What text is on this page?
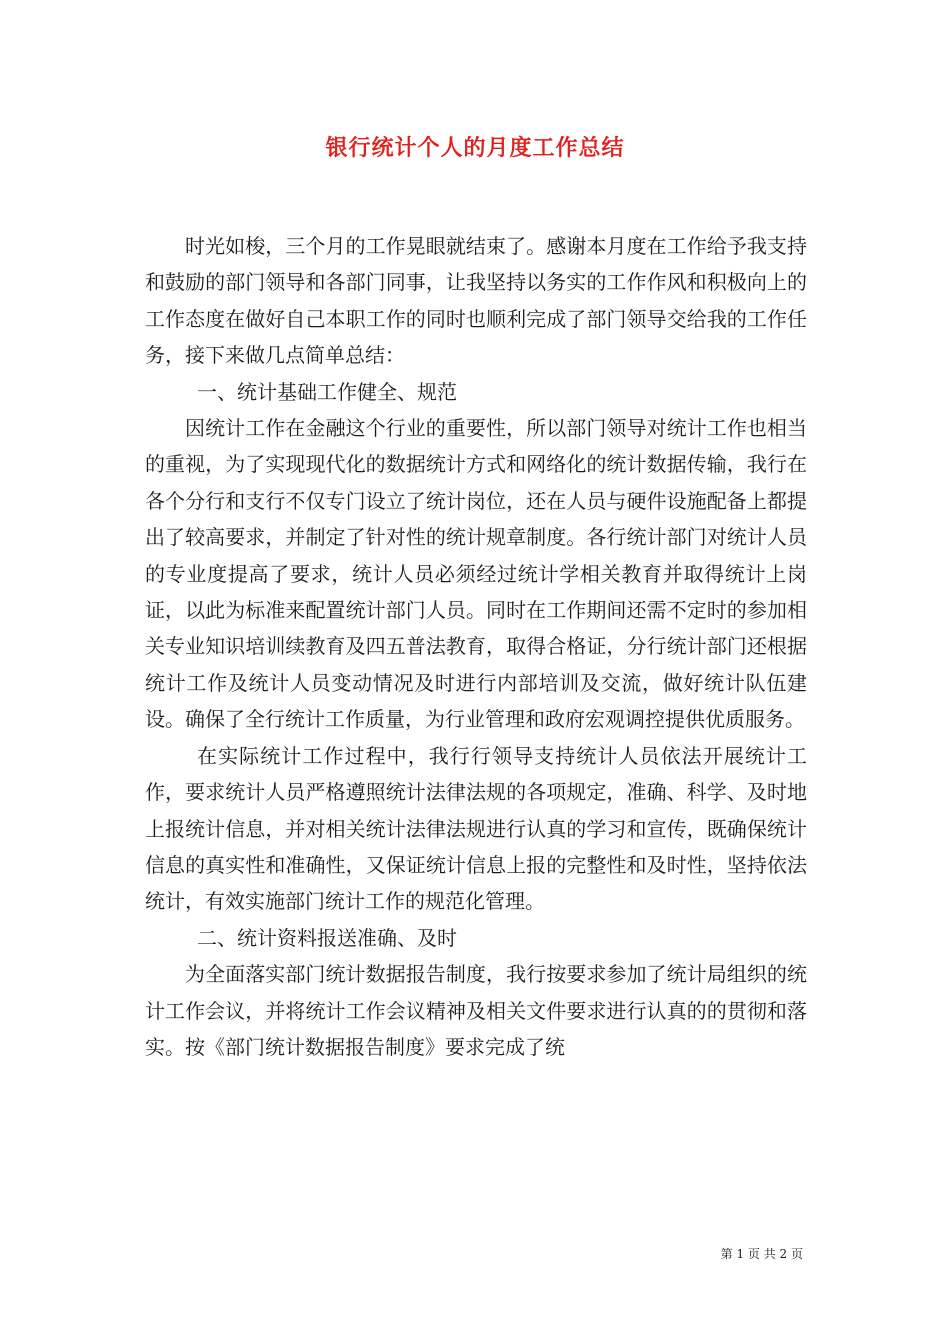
银行统计个人的月度工作总结

时光如梭，三个月的工作晃眼就结束了。感谢本月度在工作给予我支持和鼓励的部门领导和各部门同事，让我坚持以务实的工作作风和积极向上的工作态度在做好自己本职工作的同时也顺利完成了部门领导交给我的工作任务，接下来做几点简单总结：

一、统计基础工作健全、规范

因统计工作在金融这个行业的重要性，所以部门领导对统计工作也相当的重视，为了实现现代化的数据统计方式和网络化的统计数据传输，我行在各个分行和支行不仅专门设立了统计岗位，还在人员与硬件设施配备上都提出了较高要求，并制定了针对性的统计规章制度。各行统计部门对统计人员的专业度提高了要求，统计人员必须经过统计学相关教育并取得统计上岗证，以此为标准来配置统计部门人员。同时在工作期间还需不定时的参加相关专业知识培训续教育及四五普法教育，取得合格证，分行统计部门还根据统计工作及统计人员变动情况及时进行内部培训及交流，做好统计队伍建设。确保了全行统计工作质量，为行业管理和政府宏观调控提供优质服务。

在实际统计工作过程中，我行行领导支持统计人员依法开展统计工作，要求统计人员严格遵照统计法律法规的各项规定，准确、科学、及时地上报统计信息，并对相关统计法律法规进行认真的学习和宣传，既确保统计信息的真实性和准确性，又保证统计信息上报的完整性和及时性，坚持依法统计，有效实施部门统计工作的规范化管理。

二、统计资料报送准确、及时

为全面落实部门统计数据报告制度，我行按要求参加了统计局组织的统计工作会议，并将统计工作会议精神及相关文件要求进行认真的的贯彻和落实。按《部门统计数据报告制度》要求完成了统

第 1 页 共 2 页
